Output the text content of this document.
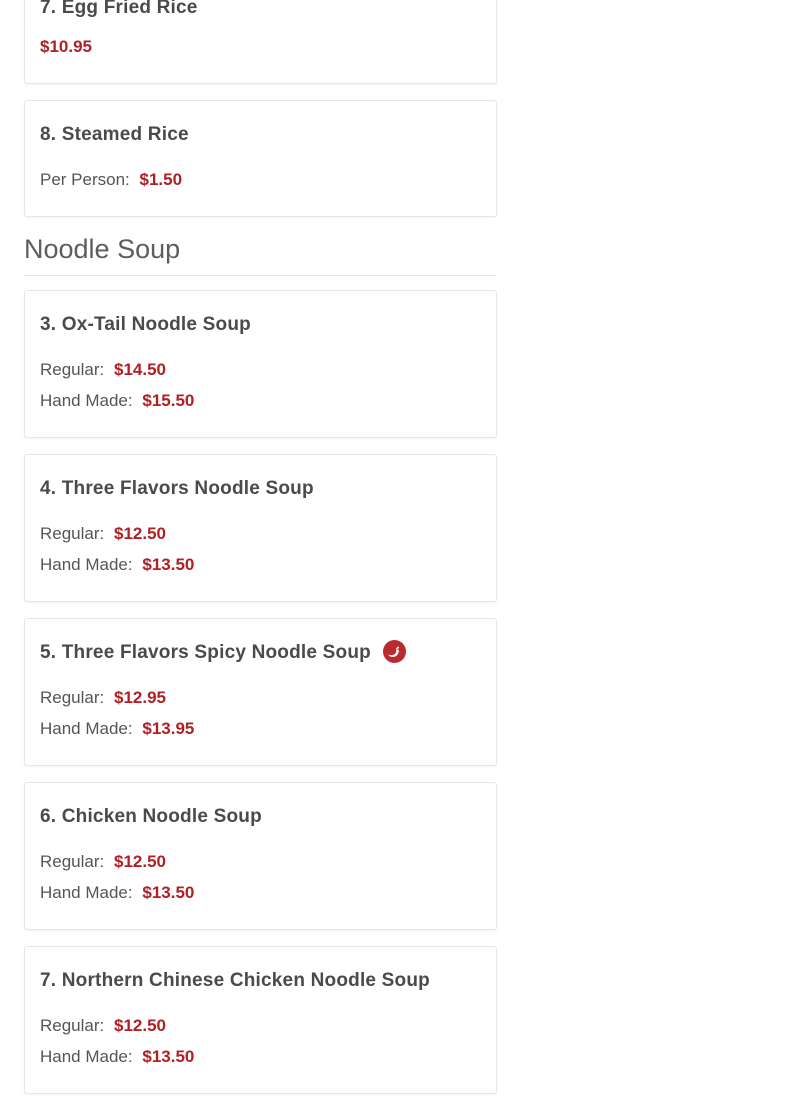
7. Egg Fried Rice

$10.95

8. Steamed Rice

Per Person: $1.50

Noodle Soup
3. Ox-Tail Noodle Soup

Regular: $14.50

Hand Made: $15.50

4. Three Flavors Noodle Soup

Regular: $12.50

Hand Made: $13.50

5. Three Flavors Spicy Noodle Soup

Regular: $12.95

Hand Made: $13.95

6. Chicken Noodle Soup

Regular: $12.50

Hand Made: $13.50

7. Northern Chinese Chicken Noodle Soup

Regular: $12.50

Hand Made: $13.50
